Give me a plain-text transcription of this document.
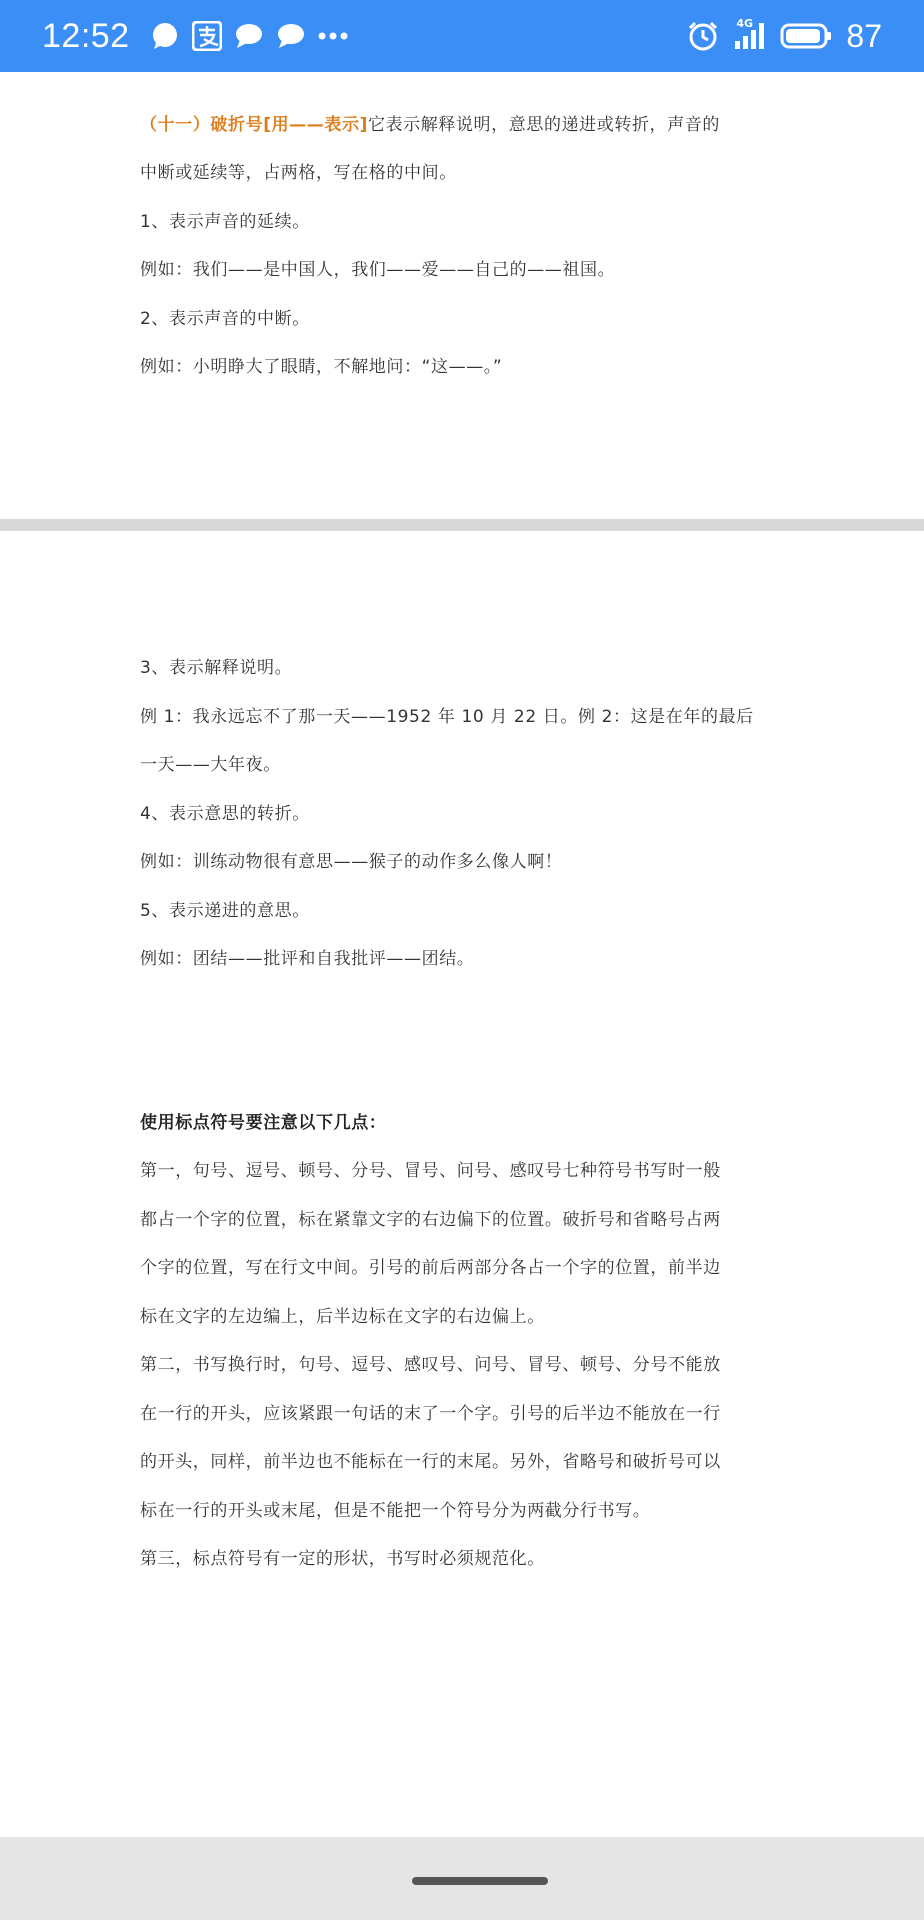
12:52	4G	87
（十一）破折号[用——表示]它表示解释说明，意思的递进或转折，声音的
中断或延续等，占两格，写在格的中间。
1、表示声音的延续。
例如：我们——是中国人，我们——爱——自己的——祖国。
2、表示声音的中断。
例如：小明睁大了眼睛，不解地问：“这——。”
3、表示解释说明。
例 1：我永远忘不了那一天——1952 年 10 月 22 日。例 2：这是在年的最后
一天——大年夜。
4、表示意思的转折。
例如：训练动物很有意思——猴子的动作多么像人啊！
5、表示递进的意思。
例如：团结——批评和自我批评——团结。
使用标点符号要注意以下几点：
第一，句号、逗号、顿号、分号、冒号、问号、感叹号七种符号书写时一般
都占一个字的位置，标在紧靠文字的右边偏下的位置。破折号和省略号占两
个字的位置，写在行文中间。引号的前后两部分各占一个字的位置，前半边
标在文字的左边编上，后半边标在文字的右边偏上。
第二，书写换行时，句号、逗号、感叹号、问号、冒号、顿号、分号不能放
在一行的开头，应该紧跟一句话的末了一个字。引号的后半边不能放在一行
的开头，同样，前半边也不能标在一行的末尾。另外，省略号和破折号可以
标在一行的开头或末尾，但是不能把一个符号分为两截分行书写。
第三，标点符号有一定的形状，书写时必须规范化。
